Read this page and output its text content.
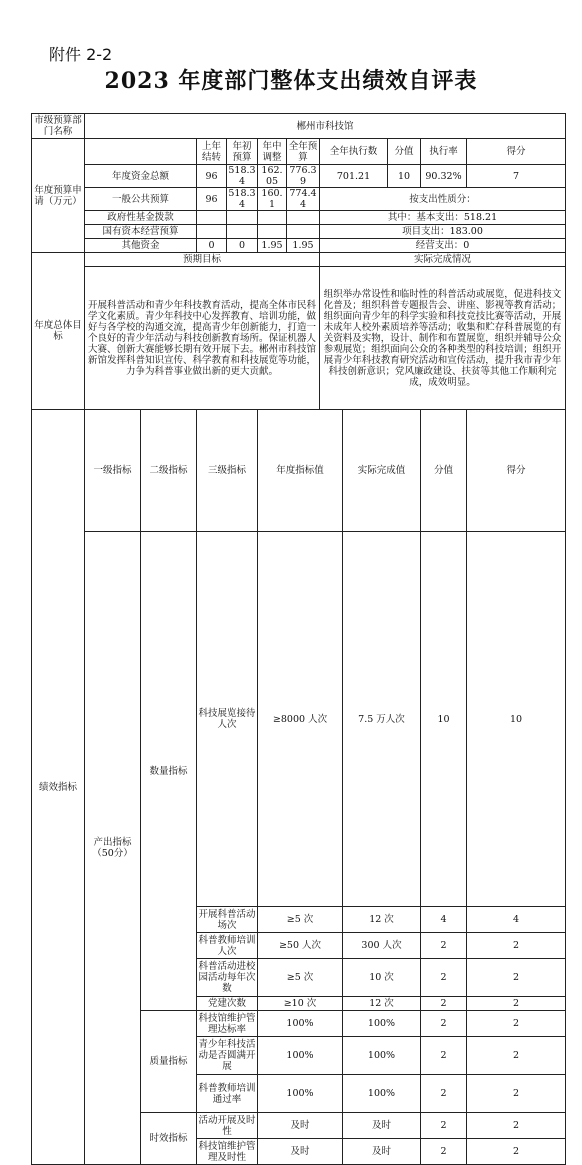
附件 2-2
2023 年度部门整体支出绩效自评表
市级预算部门名称	郴州市科技馆											
年度预算申请（万元）			上年结转	年初预算	年中调整	全年预算	全年执行数		分值	执行率	得分	
	年度资金总额		96	518.34	162.05	776.39	701.21		10	90.32%	7	
	一般公共预算		96	518.34	160.1	774.44	按支出性质分：					
	政府性基金拨款						其中：基本支出：518.21					
	国有资本经营预算						项目支出：183.00					
	其他资金		0	0	1.95	1.95	经营支出：0					
年度总体目标	预期目标						实际完成情况					
	开展科普活动和青少年科技教育活动，提高全体市民科学文化素质。青少年科技中心发挥教育、培训功能，做好与各学校的沟通交流，提高青少年创新能力，打造一个良好的青少年活动与科技创新教育场所。保证机器人大赛、创新大赛能够长期有效开展下去。郴州市科技馆新馆发挥科普知识宣传、科学教育和科技展览等功能，力争为科普事业做出新的更大贡献。						组织举办常设性和临时性的科普活动或展览，促进科技文化普及；组织科普专题报告会、讲座、影视等教育活动；组织面向青少年的科学实验和科技竞技比赛等活动，开展未成年人校外素质培养等活动；收集和贮存科普展览的有关资料及实物，设计、制作和布置展览，组织并辅导公众参观展览；组织面向公众的各种类型的科技培训；组织开展青少年科技教育研究活动和宣传活动，提升我市青少年科技创新意识；党风廉政建设、扶贫等其他工作顺利完成，成效明显。					
绩效指标	一级指标	二级指标	三级指标		年度指标值			实际完成值		分值	得分	
	产出指标（50分）	数量指标	科技展览接待人次		≥8000 人次			7.5 万人次		10	10	
			开展科普活动场次		≥5 次			12 次		4	4	
			科普教师培训人次		≥50 人次			300 人次		2	2	
			科普活动进校园活动每年次数		≥5 次			10 次		2	2	
			党建次数		≥10 次			12 次		2	2	
		质量指标	科技馆维护管理达标率		100%			100%		2	2	
			青少年科技活动是否圆满开展		100%			100%		2	2	
			科普教师培训通过率		100%			100%		2	2	
		时效指标	活动开展及时性		及时			及时		2	2	
			科技馆维护管理及时性		及时			及时		2	2	
